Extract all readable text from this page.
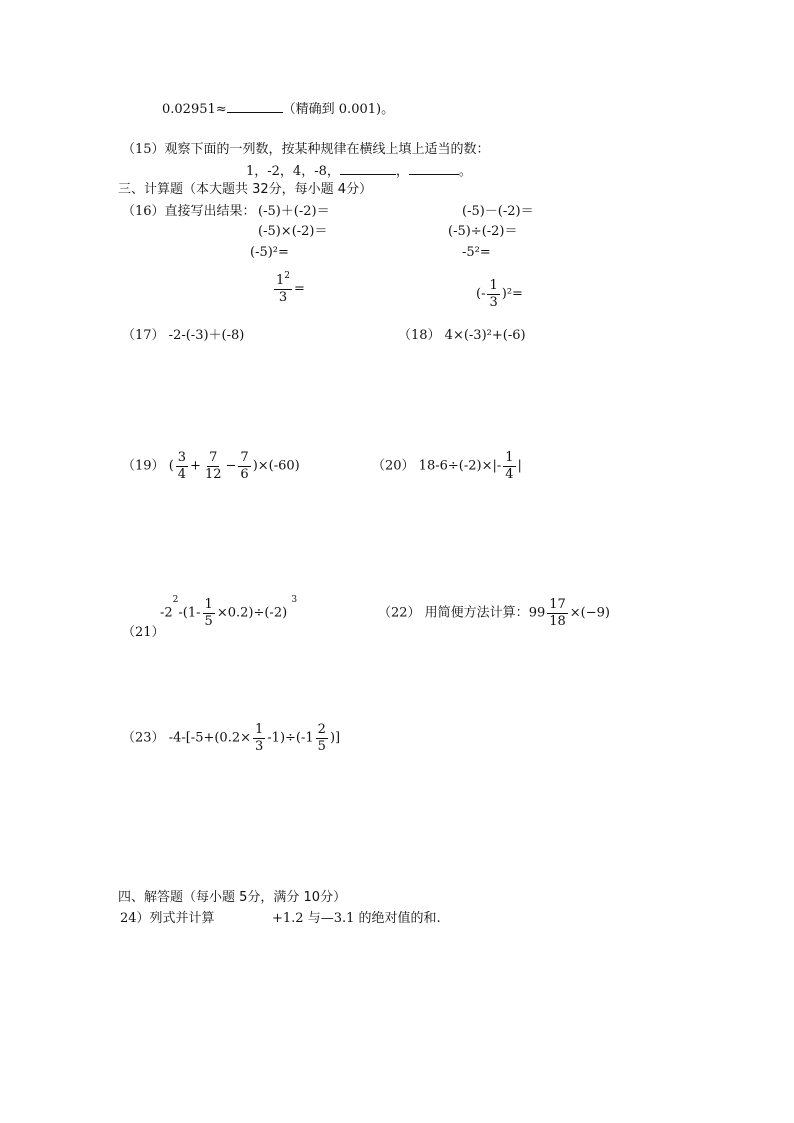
0.02951≈	（精确到 0.001)。
（15）观察下面的一列数，按某种规律在横线上填上适当的数：
1，-2，4，-8，	，	。
三、计算题（本大题共 32分，每小题 4分）
（16）直接写出结果： (-5)＋(-2)＝	(-5)－(-2)＝
(-5)×(-2)＝	(-5)÷(-2)＝
(-5)²=	-5²=
$\frac{1^2}{3}$ =	(- $\frac{1}{3} )^2=$
（17） -2-(-3)＋(-8)	（18） 4×(-3)²+(-6)
（19） ( $\frac{3}{4} + \frac{7}{12} - \frac{7}{6} )\times(-60)$	（20） $18-6\div(-2)\times|- \frac{1}{4}$ |
（21）
$-2^2-(1- \frac{1}{5} \times 0.2)\div(-2)$ $^3$
（22） 用简便方法计算：$99 \frac{17}{18} \times(-9)$
（23） $-4-[-5+(0.2\times \frac{1}{3} -1)\div(-1 \frac{2}{5}$ )]
四、解答题（每小题 5分，满分 10分）
24）列式并计算	+1.2 与—3.1 的绝对值的和.
